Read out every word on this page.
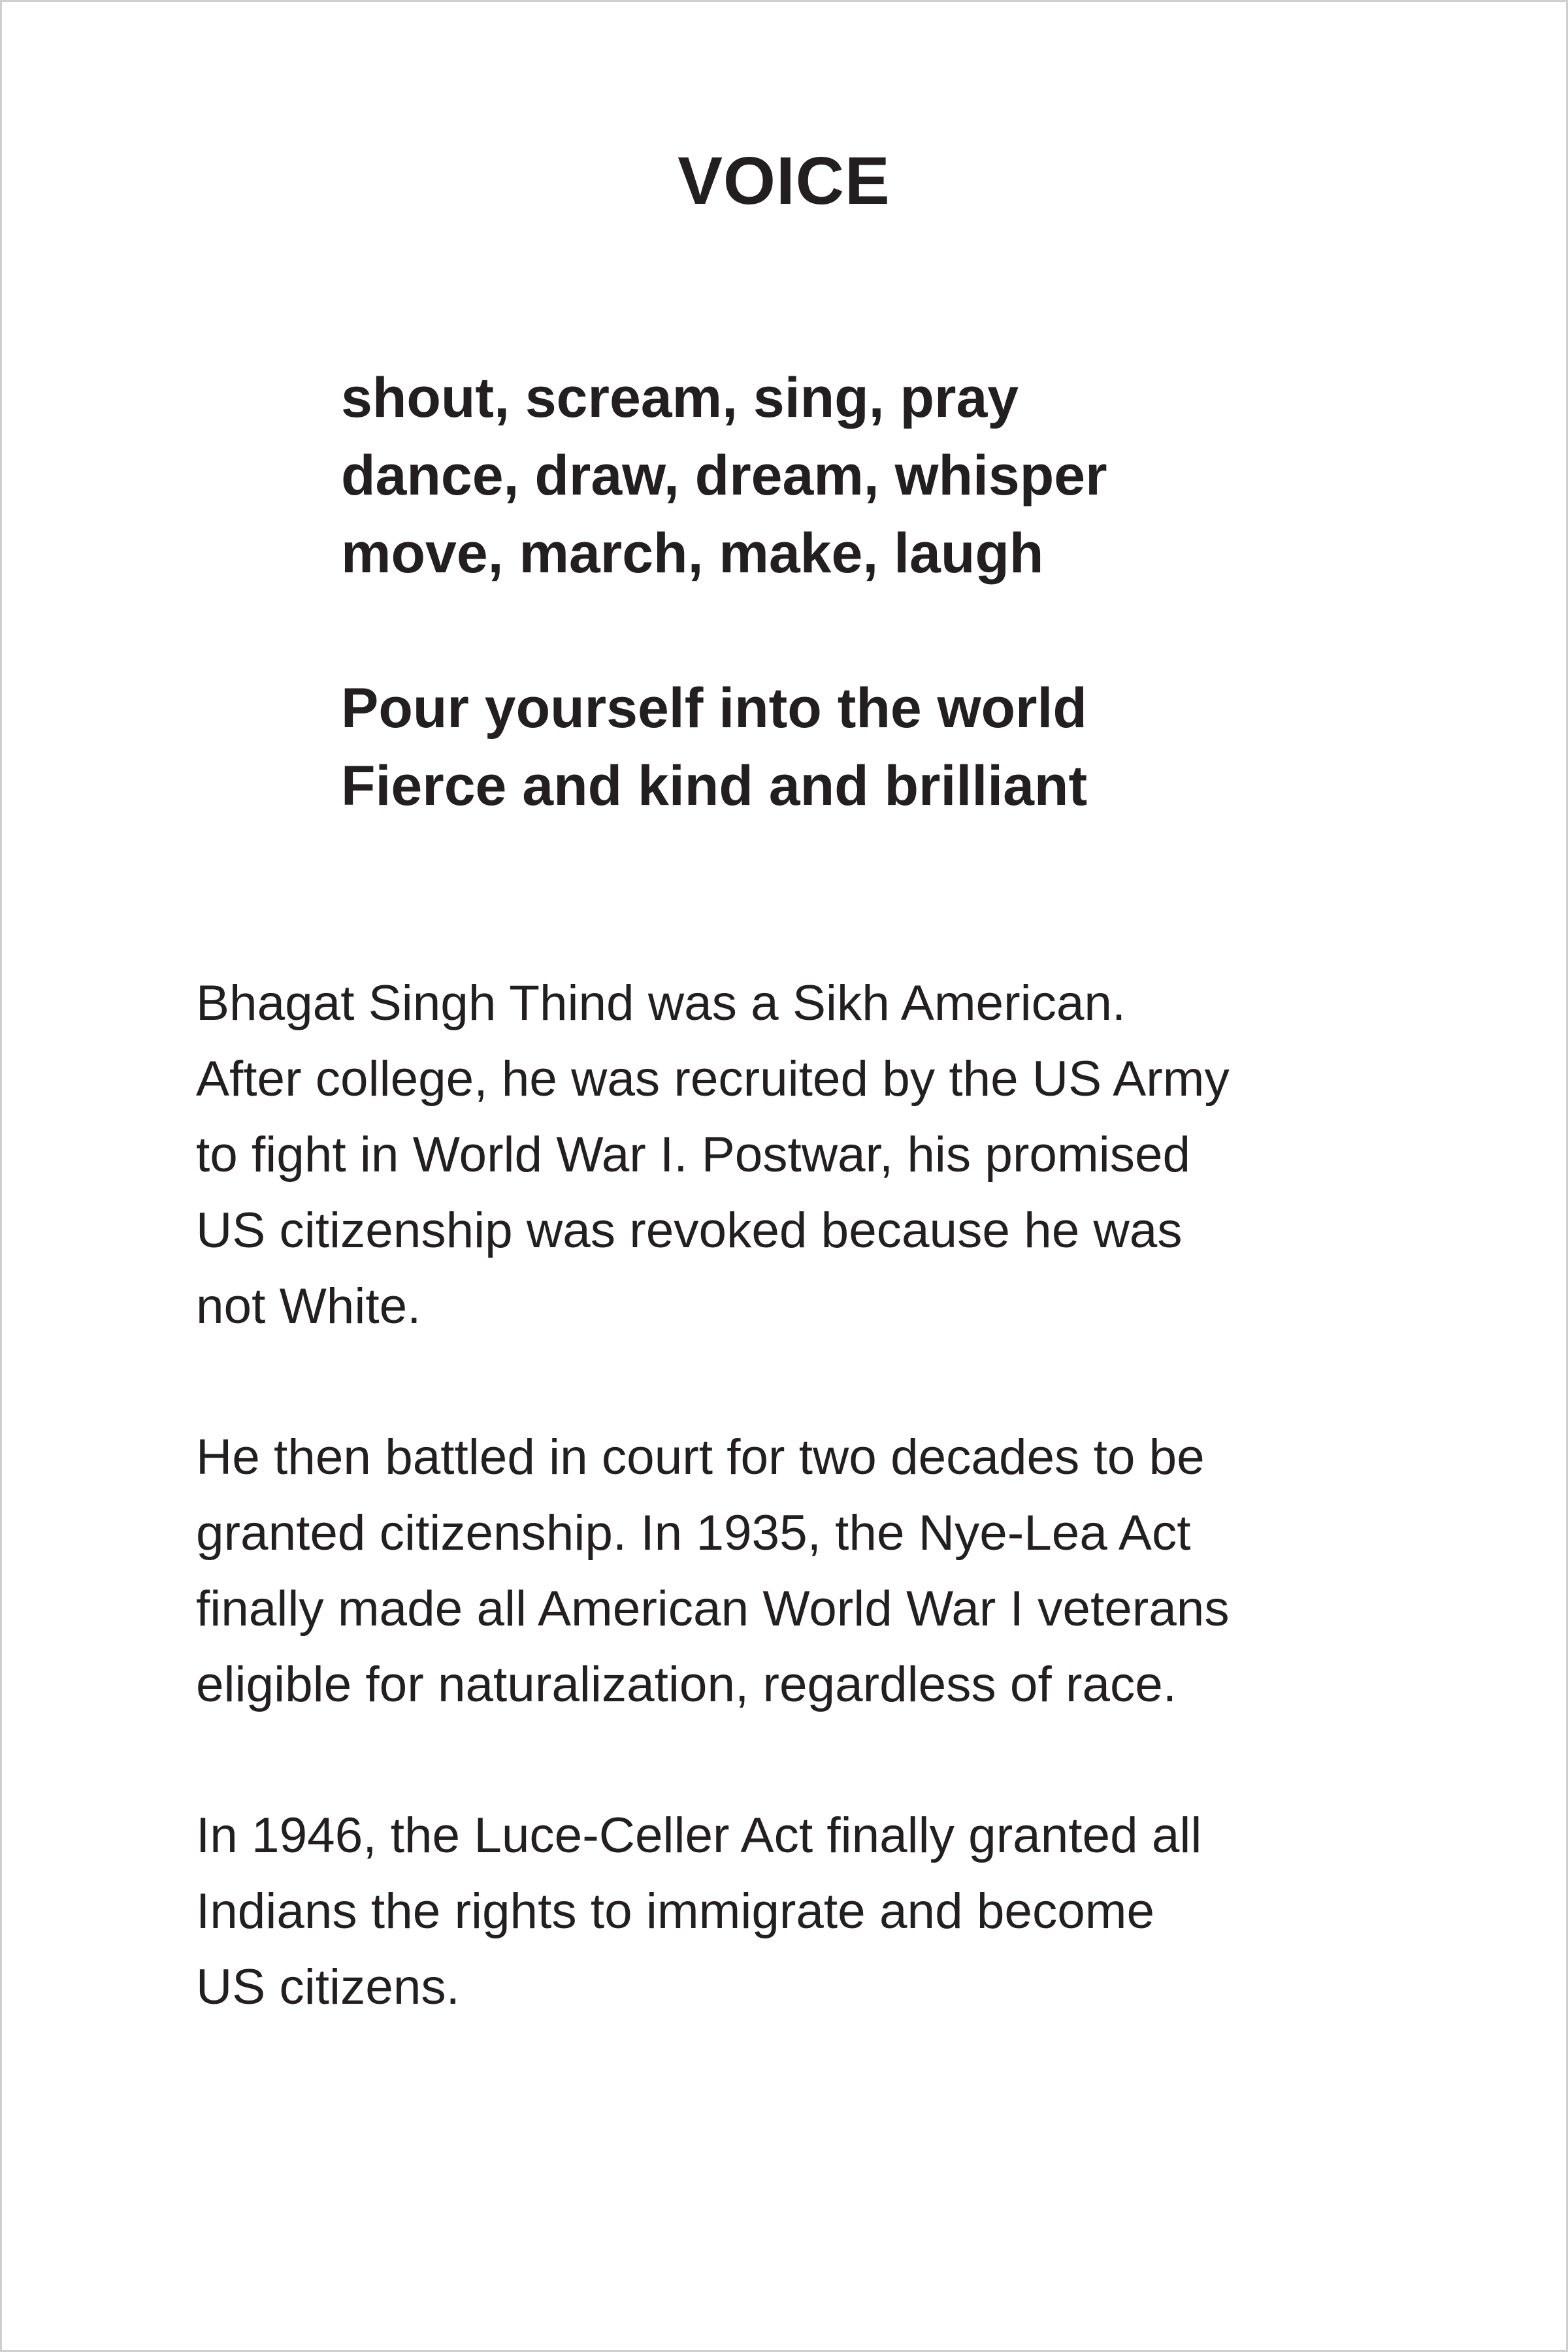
VOICE

shout, scream, sing, pray
dance, draw, dream, whisper
move, march, make, laugh

Pour yourself into the world
Fierce and kind and brilliant

Bhagat Singh Thind was a Sikh American.
After college, he was recruited by the US Army
to fight in World War I. Postwar, his promised
US citizenship was revoked because he was
not White.

He then battled in court for two decades to be
granted citizenship. In 1935, the Nye-Lea Act
finally made all American World War I veterans
eligible for naturalization, regardless of race.

In 1946, the Luce-Celler Act finally granted all
Indians the rights to immigrate and become
US citizens.
